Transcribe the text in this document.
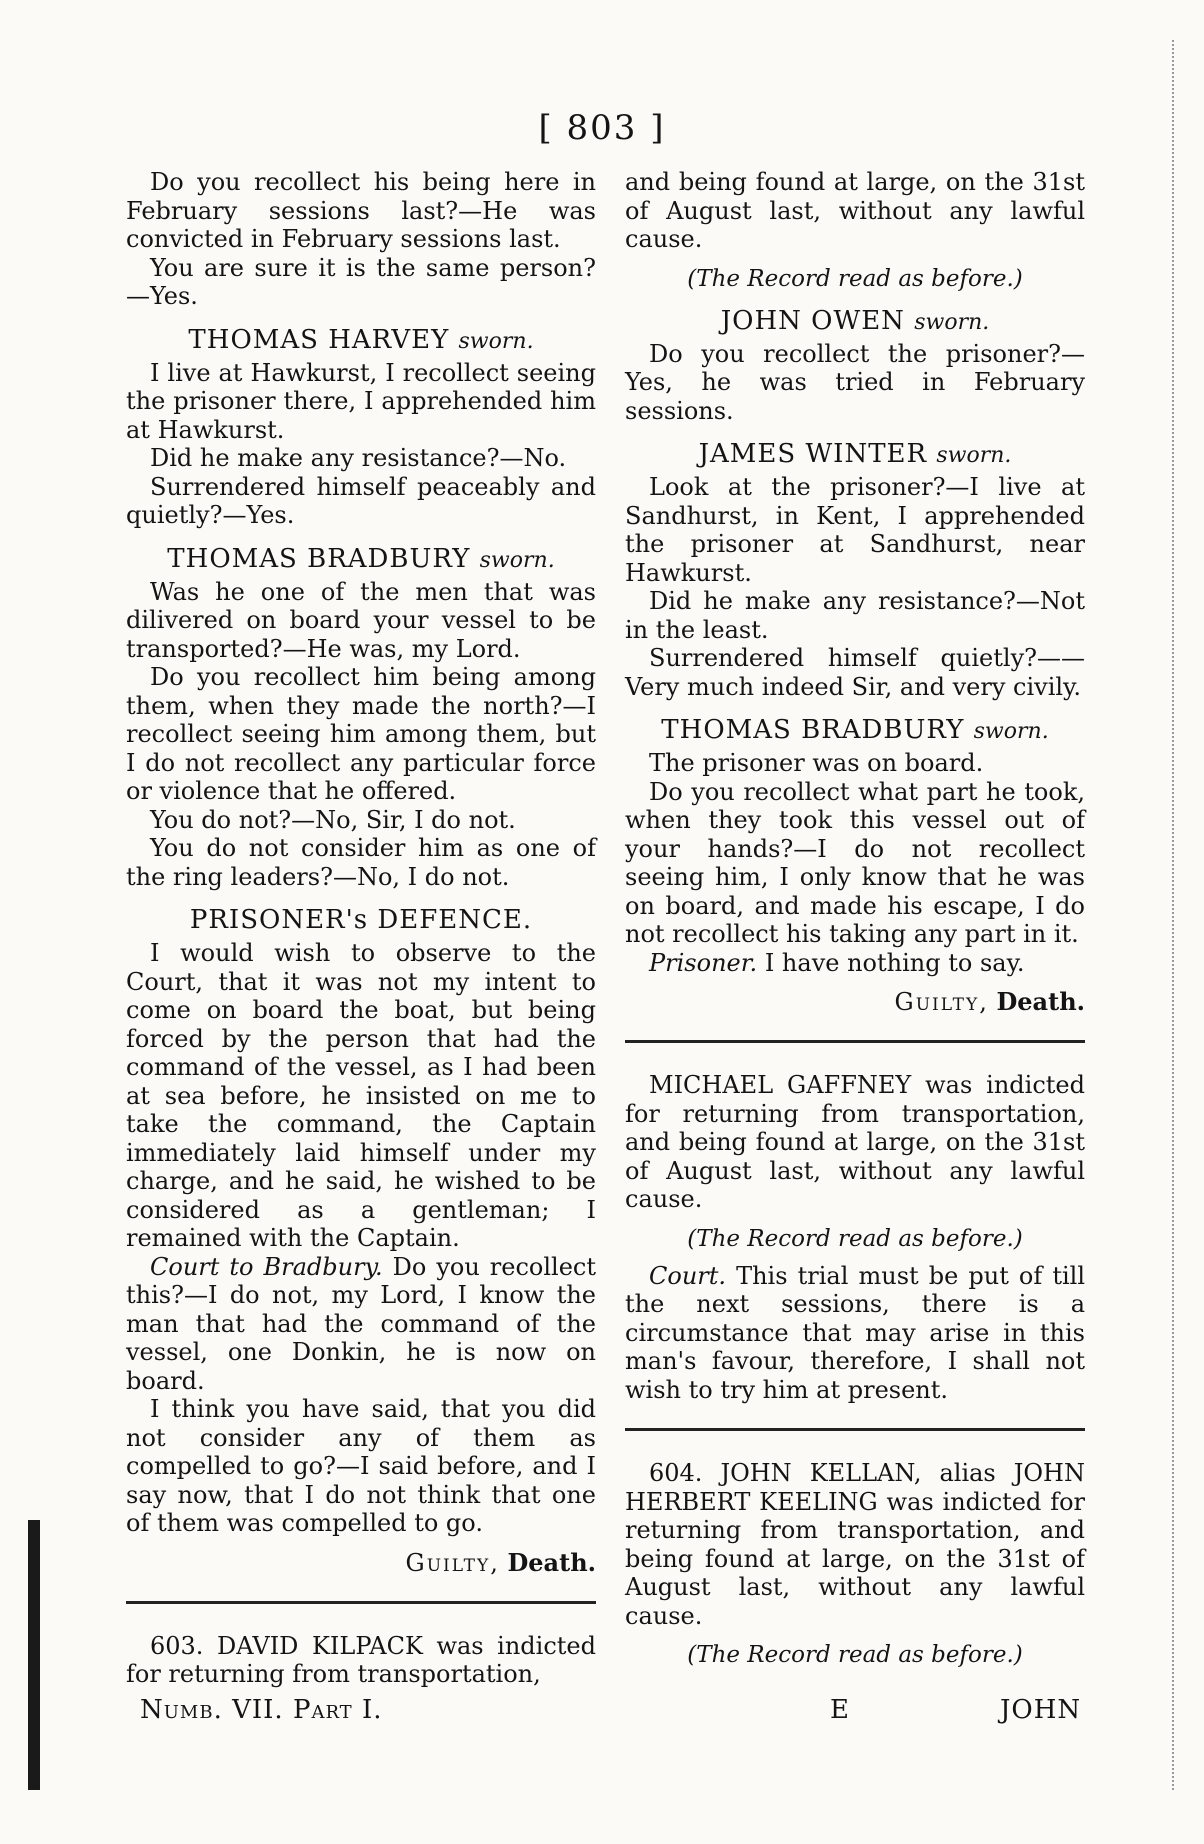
[ 803 ]

Do you recollect his being here in February sessions last?—He was convicted in February sessions last.

You are sure it is the same person?—Yes.

THOMAS HARVEY sworn.

I live at Hawkurst, I recollect seeing the prisoner there, I apprehended him at Hawkurst.

Did he make any resistance?—No.

Surrendered himself peaceably and quietly?—Yes.

THOMAS BRADBURY sworn.

Was he one of the men that was dilivered on board your vessel to be transported?—He was, my Lord.

Do you recollect him being among them, when they made the north?—I recollect seeing him among them, but I do not recollect any particular force or violence that he offered.

You do not?—No, Sir, I do not.

You do not consider him as one of the ring leaders?—No, I do not.

PRISONER's DEFENCE.

I would wish to observe to the Court, that it was not my intent to come on board the boat, but being forced by the person that had the command of the vessel, as I had been at sea before, he insisted on me to take the command, the Captain immediately laid himself under my charge, and he said, he wished to be considered as a gentleman; I remained with the Captain.

Court to Bradbury. Do you recollect this?—I do not, my Lord, I know the man that had the command of the vessel, one Donkin, he is now on board.

I think you have said, that you did not consider any of them as compelled to go?—I said before, and I say now, that I do not think that one of them was compelled to go.

Guilty, Death.

603. DAVID KILPACK was indicted for returning from transportation,

and being found at large, on the 31st of August last, without any lawful cause.

(The Record read as before.)
JOHN OWEN sworn.

Do you recollect the prisoner?—Yes, he was tried in February sessions.

JAMES WINTER sworn.

Look at the prisoner?—I live at Sandhurst, in Kent, I apprehended the prisoner at Sandhurst, near Hawkurst.

Did he make any resistance?—Not in the least.

Surrendered himself quietly?——Very much indeed Sir, and very civily.

THOMAS BRADBURY sworn.

The prisoner was on board.

Do you recollect what part he took, when they took this vessel out of your hands?—I do not recollect seeing him, I only know that he was on board, and made his escape, I do not recollect his taking any part in it.

Prisoner. I have nothing to say.

Guilty, Death.

MICHAEL GAFFNEY was indicted for returning from transportation, and being found at large, on the 31st of August last, without any lawful cause.

(The Record read as before.)

Court. This trial must be put of till the next sessions, there is a circumstance that may arise in this man's favour, therefore, I shall not wish to try him at present.

604. JOHN KELLAN, alias JOHN HERBERT KEELING was indicted for returning from transportation, and being found at large, on the 31st of August last, without any lawful cause.

(The Record read as before.)
Numb. VII. Part I.	E	JOHN
